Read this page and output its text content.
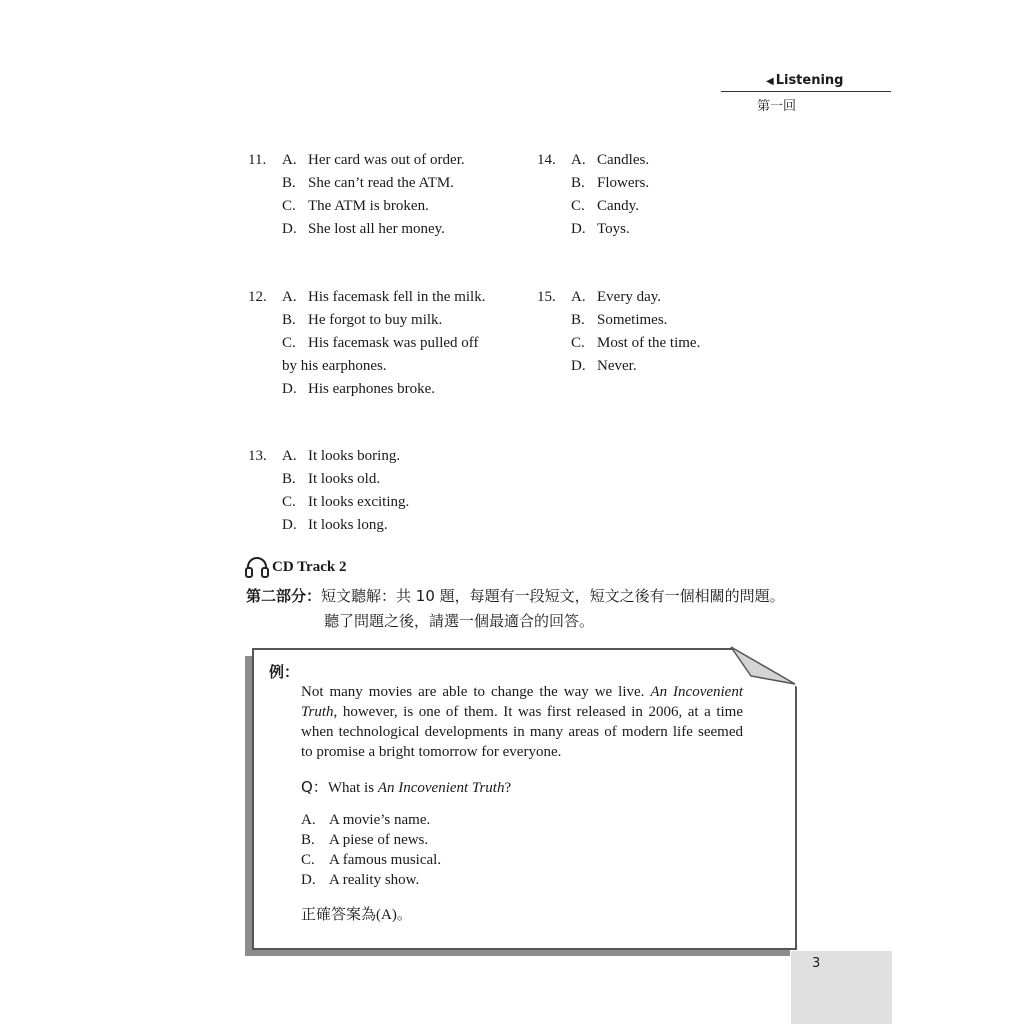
◀ Listening
第一回
11. A. Her card was out of order.
B. She can’t read the ATM.
C. The ATM is broken.
D. She lost all her money.
14. A. Candles.
B. Flowers.
C. Candy.
D. Toys.
12. A. His facemask fell in the milk.
B. He forgot to buy milk.
C. His facemask was pulled off
by his earphones.
D. His earphones broke.
15. A. Every day.
B. Sometimes.
C. Most of the time.
D. Never.
13. A. It looks boring.
B. It looks old.
C. It looks exciting.
D. It looks long.
CD Track 2
第二部分：短文聽解：共 10 題，每題有一段短文，短文之後有一個相關的問題。
聽了問題之後，請選一個最適合的回答。
例：
Not many movies are able to change the way we live. An Incovenient Truth, however, is one of them. It was first released in 2006, at a time when technological developments in many areas of modern life seemed to promise a bright tomorrow for everyone.
Q：What is An Incovenient Truth?
A. A movie’s name.
B. A piese of news.
C. A famous musical.
D. A reality show.
正確答案為(A)。
3
